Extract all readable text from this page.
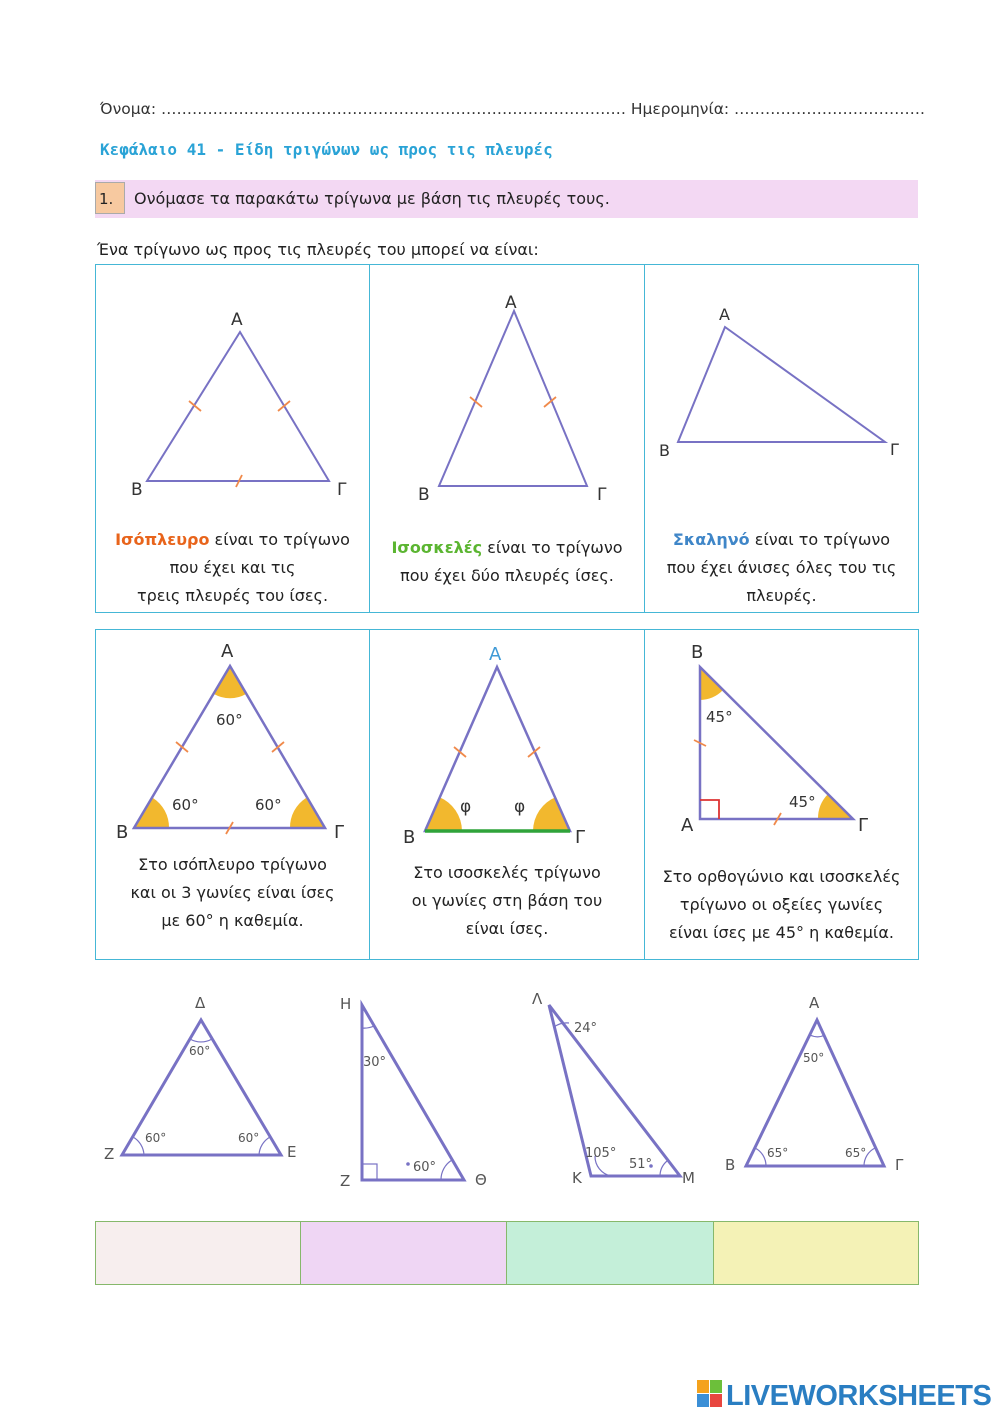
Όνομα: ……………………………………………………………………………… Ημερομηνία: ……………………………….
Κεφάλαιο 41 - Είδη τριγώνων ως προς τις πλευρές
1.	Ονόμασε τα παρακάτω τρίγωνα με βάση τις πλευρές τους.
Ένα τρίγωνο ως προς τις πλευρές του μπορεί να είναι:
Α
Β	Γ
Ισόπλευρο είναι το τρίγωνο
που έχει και τις
τρεις πλευρές του ίσες.
Α
Β	Γ
Ισοσκελές είναι το τρίγωνο
που έχει δύο πλευρές ίσες.
Α
Β	Γ
Σκαληνό είναι το τρίγωνο
που έχει άνισες όλες του τις
πλευρές.
Α
Β	Γ
60°
60°	60°
Στο ισόπλευρο τρίγωνο
και οι 3 γωνίες είναι ίσες
με 60° η καθεμία.
Α
Β	Γ
φ	φ
Στο ισοσκελές τρίγωνο
οι γωνίες στη βάση του
είναι ίσες.
Β
Α	Γ
45°
45°
Στο ορθογώνιο και ισοσκελές
τρίγωνο οι οξείες γωνίες
είναι ίσες με 45° η καθεμία.
Δ
Ζ	Ε
60°
60°	60°
Η
Ζ	Θ
30°
60°
Λ
Κ	Μ
24°
105°
51°
Α
Β	Γ
50°
65°	65°
LIVEWORKSHEETS
